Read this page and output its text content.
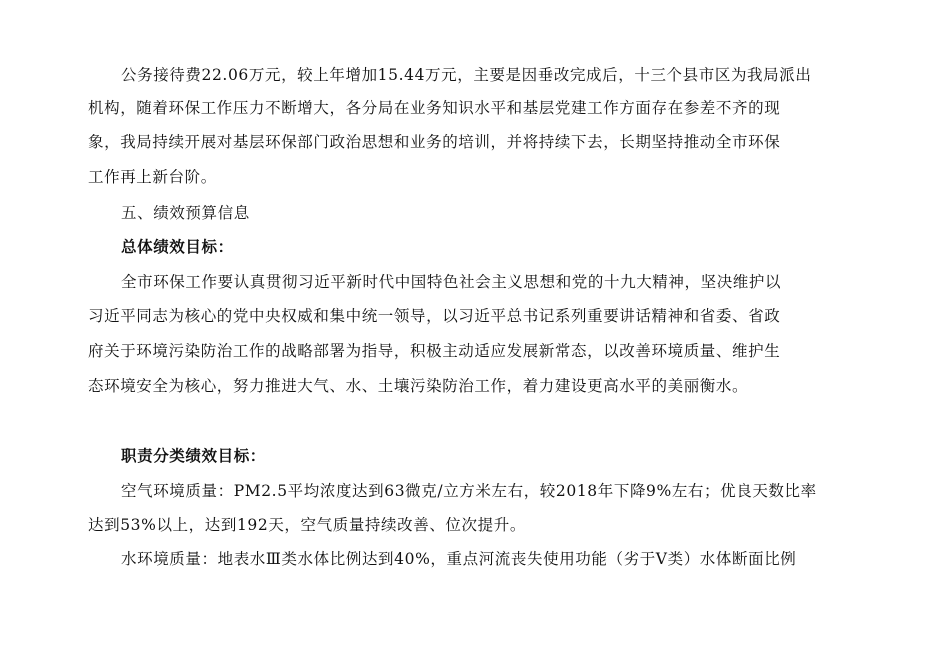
公务接待费22.06万元，较上年增加15.44万元，主要是因垂改完成后，十三个县市区为我局派出
机构，随着环保工作压力不断增大，各分局在业务知识水平和基层党建工作方面存在参差不齐的现
象，我局持续开展对基层环保部门政治思想和业务的培训，并将持续下去，长期坚持推动全市环保
工作再上新台阶。
五、绩效预算信息
总体绩效目标：
全市环保工作要认真贯彻习近平新时代中国特色社会主义思想和党的十九大精神，坚决维护以
习近平同志为核心的党中央权威和集中统一领导，以习近平总书记系列重要讲话精神和省委、省政
府关于环境污染防治工作的战略部署为指导，积极主动适应发展新常态，以改善环境质量、维护生
态环境安全为核心，努力推进大气、水、土壤污染防治工作，着力建设更高水平的美丽衡水。
职责分类绩效目标：
空气环境质量：PM2.5平均浓度达到63微克/立方米左右，较2018年下降9%左右；优良天数比率
达到53%以上，达到192天，空气质量持续改善、位次提升。
水环境质量：地表水Ⅲ类水体比例达到40%，重点河流丧失使用功能（劣于Ⅴ类）水体断面比例
